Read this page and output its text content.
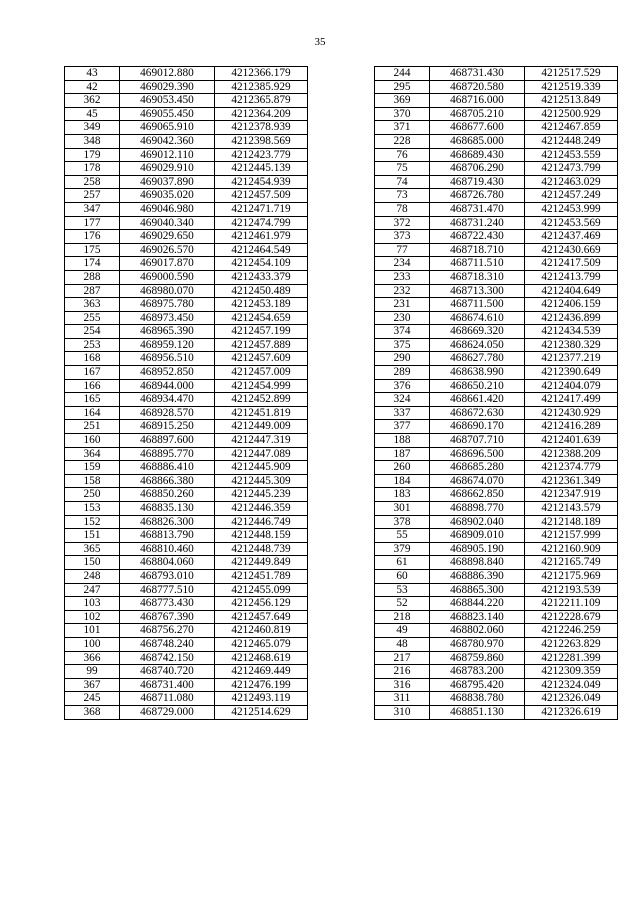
35
43	469012.880	4212366.179
42	469029.390	4212385.929
362	469053.450	4212365.879
45	469055.450	4212364.209
349	469065.910	4212378.939
348	469042.360	4212398.569
179	469012.110	4212423.779
178	469029.910	4212445.139
258	469037.890	4212454.939
257	469035.020	4212457.509
347	469046.980	4212471.719
177	469040.340	4212474.799
176	469029.650	4212461.979
175	469026.570	4212464.549
174	469017.870	4212454.109
288	469000.590	4212433.379
287	468980.070	4212450.489
363	468975.780	4212453.189
255	468973.450	4212454.659
254	468965.390	4212457.199
253	468959.120	4212457.889
168	468956.510	4212457.609
167	468952.850	4212457.009
166	468944.000	4212454.999
165	468934.470	4212452.899
164	468928.570	4212451.819
251	468915.250	4212449.009
160	468897.600	4212447.319
364	468895.770	4212447.089
159	468886.410	4212445.909
158	468866.380	4212445.309
250	468850.260	4212445.239
153	468835.130	4212446.359
152	468826.300	4212446.749
151	468813.790	4212448.159
365	468810.460	4212448.739
150	468804.060	4212449.849
248	468793.010	4212451.789
247	468777.510	4212455.099
103	468773.430	4212456.129
102	468767.390	4212457.649
101	468756.270	4212460.819
100	468748.240	4212465.079
366	468742.150	4212468.619
99	468740.720	4212469.449
367	468731.400	4212476.199
245	468711.080	4212493.119
368	468729.000	4212514.629
244	468731.430	4212517.529
295	468720.580	4212519.339
369	468716.000	4212513.849
370	468705.210	4212500.929
371	468677.600	4212467.859
228	468685.000	4212448.249
76	468689.430	4212453.559
75	468706.290	4212473.799
74	468719.430	4212463.029
73	468726.780	4212457.249
78	468731.470	4212453.999
372	468731.240	4212453.569
373	468722.430	4212437.469
77	468718.710	4212430.669
234	468711.510	4212417.509
233	468718.310	4212413.799
232	468713.300	4212404.649
231	468711.500	4212406.159
230	468674.610	4212436.899
374	468669.320	4212434.539
375	468624.050	4212380.329
290	468627.780	4212377.219
289	468638.990	4212390.649
376	468650.210	4212404.079
324	468661.420	4212417.499
337	468672.630	4212430.929
377	468690.170	4212416.289
188	468707.710	4212401.639
187	468696.500	4212388.209
260	468685.280	4212374.779
184	468674.070	4212361.349
183	468662.850	4212347.919
301	468898.770	4212143.579
378	468902.040	4212148.189
55	468909.010	4212157.999
379	468905.190	4212160.909
61	468898.840	4212165.749
60	468886.390	4212175.969
53	468865.300	4212193.539
52	468844.220	4212211.109
218	468823.140	4212228.679
49	468802.060	4212246.259
48	468780.970	4212263.829
217	468759.860	4212281.399
216	468783.200	4212309.359
316	468795.420	4212324.049
311	468838.780	4212326.049
310	468851.130	4212326.619
